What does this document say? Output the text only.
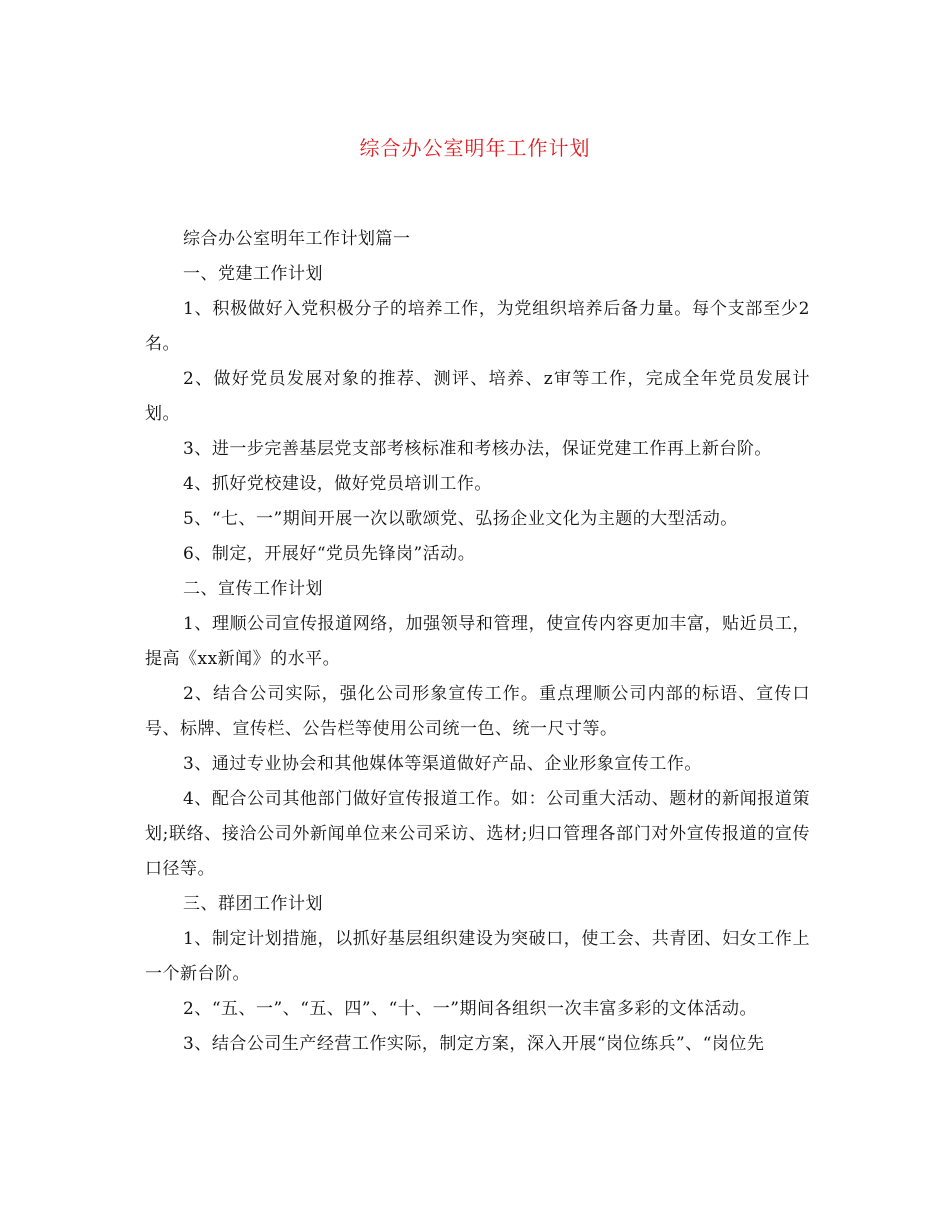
综合办公室明年工作计划

综合办公室明年工作计划篇一

一、党建工作计划

1、积极做好入党积极分子的培养工作，为党组织培养后备力量。每个支部至少2名。

2、做好党员发展对象的推荐、测评、培养、z审等工作，完成全年党员发展计划。

3、进一步完善基层党支部考核标准和考核办法，保证党建工作再上新台阶。

4、抓好党校建设，做好党员培训工作。

5、“七、一”期间开展一次以歌颂党、弘扬企业文化为主题的大型活动。

6、制定，开展好“党员先锋岗”活动。

二、宣传工作计划

1、理顺公司宣传报道网络，加强领导和管理，使宣传内容更加丰富，贴近员工，提高《xx新闻》的水平。

2、结合公司实际，强化公司形象宣传工作。重点理顺公司内部的标语、宣传口号、标牌、宣传栏、公告栏等使用公司统一色、统一尺寸等。

3、通过专业协会和其他媒体等渠道做好产品、企业形象宣传工作。

4、配合公司其他部门做好宣传报道工作。如：公司重大活动、题材的新闻报道策划;联络、接洽公司外新闻单位来公司采访、选材;归口管理各部门对外宣传报道的宣传口径等。

三、群团工作计划

1、制定计划措施，以抓好基层组织建设为突破口，使工会、共青团、妇女工作上一个新台阶。

2、“五、一”、“五、四”、“十、一”期间各组织一次丰富多彩的文体活动。

3、结合公司生产经营工作实际，制定方案，深入开展“岗位练兵”、“岗位先
